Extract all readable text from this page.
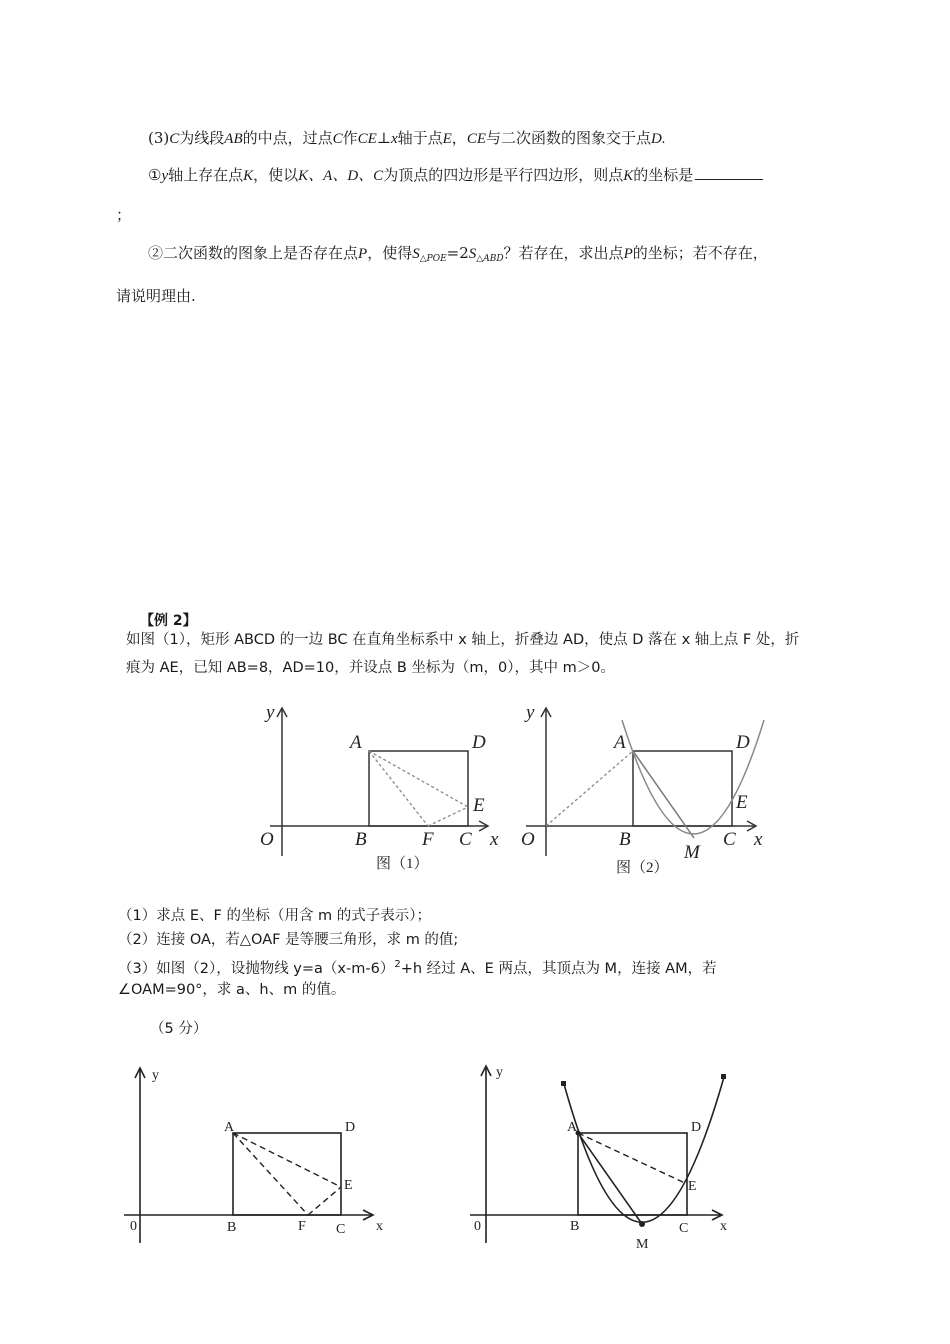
(3)C为线段AB的中点，过点C作CE⊥x轴于点E，CE与二次函数的图象交于点D.
①y轴上存在点K，使以K、A、D、C为顶点的四边形是平行四边形，则点K的坐标是
；
②二次函数的图象上是否存在点P，使得$S_{\triangle POE}=2S_{\triangle ABD}$？若存在，求出点P的坐标；若不存在，
请说明理由.
【例 2】
如图（1），矩形 ABCD 的一边 BC 在直角坐标系中 x 轴上，折叠边 AD，使点 D 落在 x 轴上点 F 处，折
痕为 AE，已知 AB=8，AD=10，并设点 B 坐标为（m，0），其中 m＞0。
y
O
A	D
E
B	F C x
图（1）
y
O
A	D
E
B
M
C x
图（2）
（1）求点 E、F 的坐标（用含 m 的式子表示）；
（2）连接 OA，若△OAF 是等腰三角形，求 m 的值;
（3）如图（2），设抛物线 $y=a(x-m-6)^2+h$ 经过 A、E 两点，其顶点为 M，连接 AM，若
∠OAM=90°，求 a、h、m 的值。
（5 分）
y
0
A	D
E
B	F C x
y
0
A	D
E
B
M
C x
